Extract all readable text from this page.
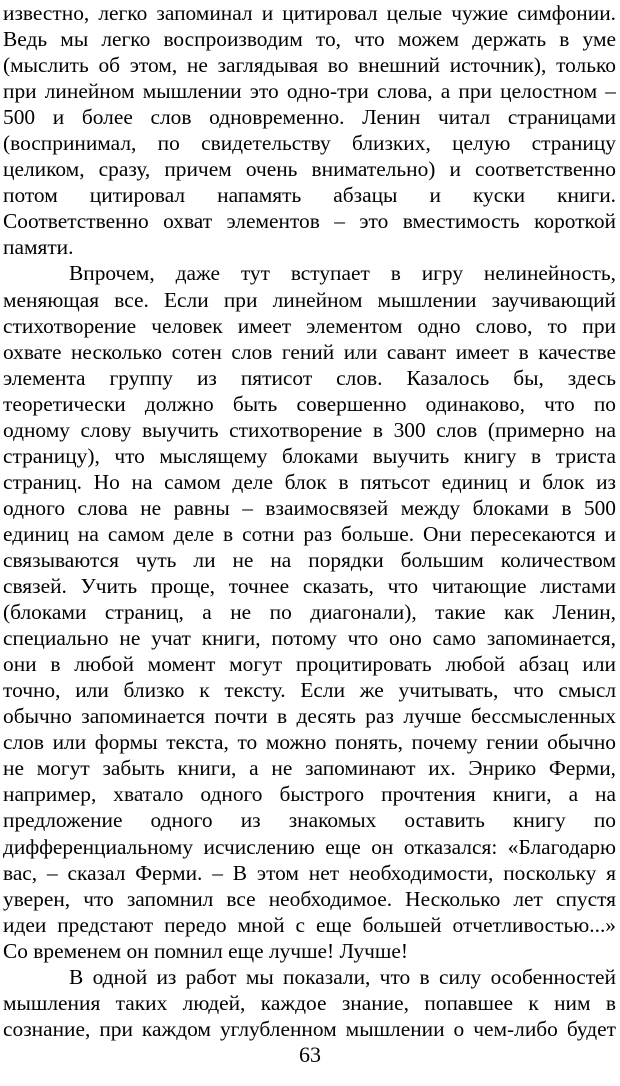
известно, легко запоминал и цитировал целые чужие симфонии.
Ведь мы легко воспроизводим то, что можем держать в уме
(мыслить об этом, не заглядывая во внешний источник), только
при линейном мышлении это одно-три слова, а при целостном –
500 и более слов одновременно. Ленин читал страницами
(воспринимал, по свидетельству близких, целую страницу
целиком, сразу, причем очень внимательно) и соответственно
потом цитировал напамять абзацы и куски книги.
Соответственно охват элементов – это вместимость короткой
памяти.
Впрочем, даже тут вступает в игру нелинейность,
меняющая все. Если при линейном мышлении заучивающий
стихотворение человек имеет элементом одно слово, то при
охвате несколько сотен слов гений или савант имеет в качестве
элемента группу из пятисот слов. Казалось бы, здесь
теоретически должно быть совершенно одинаково, что по
одному слову выучить стихотворение в 300 слов (примерно на
страницу), что мыслящему блоками выучить книгу в триста
страниц. Но на самом деле блок в пятьсот единиц и блок из
одного слова не равны – взаимосвязей между блоками в 500
единиц на самом деле в сотни раз больше. Они пересекаются и
связываются чуть ли не на порядки большим количеством
связей. Учить проще, точнее сказать, что читающие листами
(блоками страниц, а не по диагонали), такие как Ленин,
специально не учат книги, потому что оно само запоминается,
они в любой момент могут процитировать любой абзац или
точно, или близко к тексту. Если же учитывать, что смысл
обычно запоминается почти в десять раз лучше бессмысленных
слов или формы текста, то можно понять, почему гении обычно
не могут забыть книги, а не запоминают их. Энрико Ферми,
например, хватало одного быстрого прочтения книги, а на
предложение одного из знакомых оставить книгу по
дифференциальному исчислению еще он отказался: «Благодарю
вас, – сказал Ферми. – В этом нет необходимости, поскольку я
уверен, что запомнил все необходимое. Несколько лет спустя
идеи предстают передо мной с еще большей отчетливостью...»
Со временем он помнил еще лучше! Лучше!
В одной из работ мы показали, что в силу особенностей
мышления таких людей, каждое знание, попавшее к ним в
сознание, при каждом углубленном мышлении о чем-либо будет
63
